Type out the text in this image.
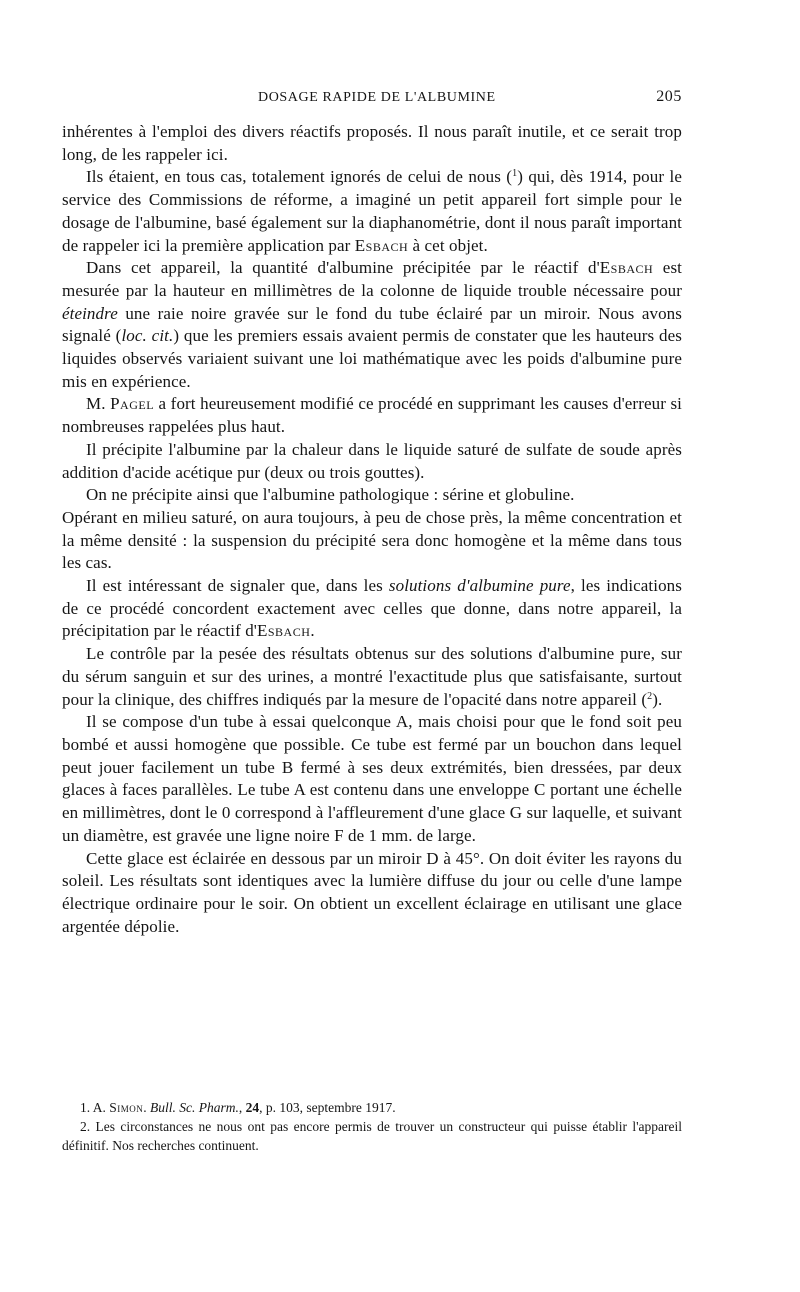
DOSAGE RAPIDE DE L'ALBUMINE	205

inhérentes à l'emploi des divers réactifs proposés. Il nous paraît inutile, et ce serait trop long, de les rappeler ici.

Ils étaient, en tous cas, totalement ignorés de celui de nous ($^1$) qui, dès 1914, pour le service des Commissions de réforme, a imaginé un petit appareil fort simple pour le dosage de l'albumine, basé également sur la diaphanométrie, dont il nous paraît important de rappeler ici la première application par Esbach à cet objet.

Dans cet appareil, la quantité d'albumine précipitée par le réactif d'Esbach est mesurée par la hauteur en millimètres de la colonne de liquide trouble nécessaire pour éteindre une raie noire gravée sur le fond du tube éclairé par un miroir. Nous avons signalé (loc. cit.) que les premiers essais avaient permis de constater que les hauteurs des liquides observés variaient suivant une loi mathématique avec les poids d'albumine pure mis en expérience.

M. Pagel a fort heureusement modifié ce procédé en supprimant les causes d'erreur si nombreuses rappelées plus haut.

Il précipite l'albumine par la chaleur dans le liquide saturé de sulfate de soude après addition d'acide acétique pur (deux ou trois gouttes).

On ne précipite ainsi que l'albumine pathologique : sérine et globuline.

Opérant en milieu saturé, on aura toujours, à peu de chose près, la même concentration et la même densité : la suspension du précipité sera donc homogène et la même dans tous les cas.

Il est intéressant de signaler que, dans les solutions d'albumine pure, les indications de ce procédé concordent exactement avec celles que donne, dans notre appareil, la précipitation par le réactif d'Esbach.

Le contrôle par la pesée des résultats obtenus sur des solutions d'albumine pure, sur du sérum sanguin et sur des urines, a montré l'exactitude plus que satisfaisante, surtout pour la clinique, des chiffres indiqués par la mesure de l'opacité dans notre appareil ($^2$).

Il se compose d'un tube à essai quelconque A, mais choisi pour que le fond soit peu bombé et aussi homogène que possible. Ce tube est fermé par un bouchon dans lequel peut jouer facilement un tube B fermé à ses deux extrémités, bien dressées, par deux glaces à faces parallèles. Le tube A est contenu dans une enveloppe C portant une échelle en millimètres, dont le 0 correspond à l'affleurement d'une glace G sur laquelle, et suivant un diamètre, est gravée une ligne noire F de 1 mm. de large.

Cette glace est éclairée en dessous par un miroir D à 45°. On doit éviter les rayons du soleil. Les résultats sont identiques avec la lumière diffuse du jour ou celle d'une lampe électrique ordinaire pour le soir. On obtient un excellent éclairage en utilisant une glace argentée dépolie.

1. A. Simon. Bull. Sc. Pharm., 24, p. 103, septembre 1917.

2. Les circonstances ne nous ont pas encore permis de trouver un constructeur qui puisse établir l'appareil définitif. Nos recherches continuent.
